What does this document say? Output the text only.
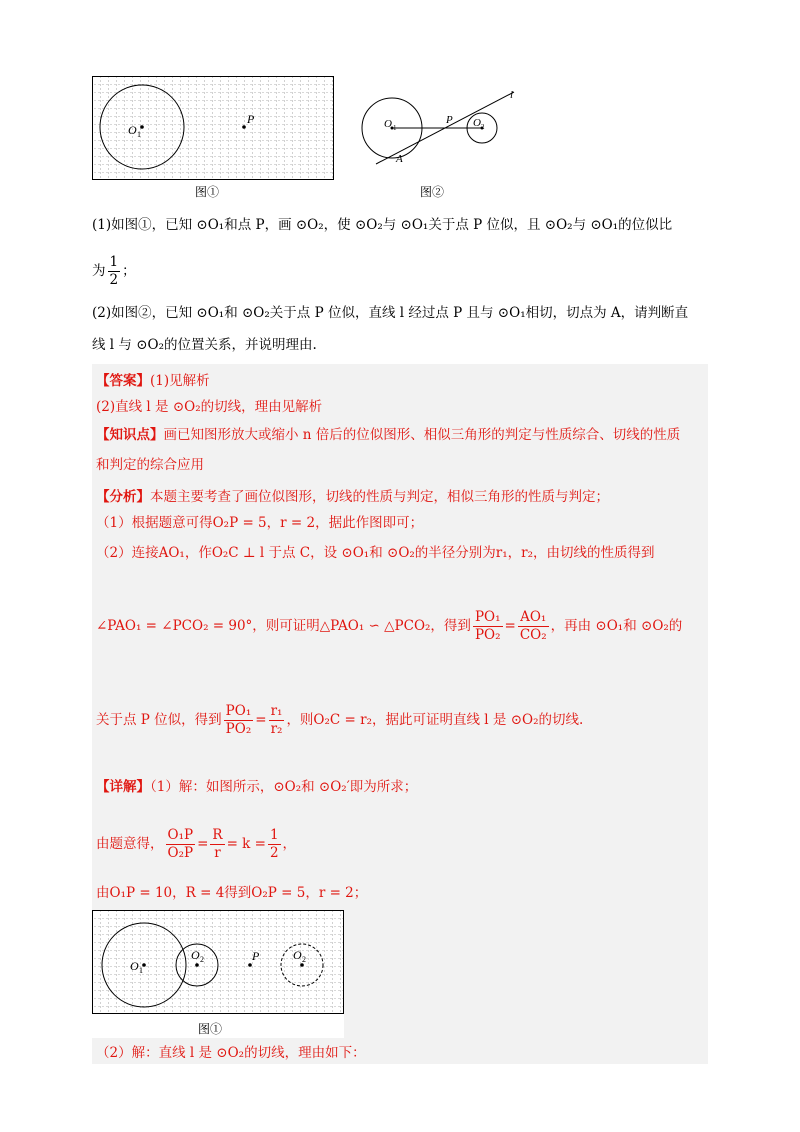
O 1
P
图①
O 1
P O 2
A
l
图②
(1)如图①，已知 ⊙O₁和点 P，画 ⊙O₂，使 ⊙O₂与 ⊙O₁关于点 P 位似，且 ⊙O₂与 ⊙O₁的位似比
为 $\frac{1}{2}$ ；
(2)如图②，已知 ⊙O₁和 ⊙O₂关于点 P 位似，直线 l 经过点 P 且与 ⊙O₁相切，切点为 A，请判断直
线 l 与 ⊙O₂的位置关系，并说明理由.
【答案】(1)见解析
(2)直线 l 是 ⊙O₂的切线，理由见解析
【知识点】画已知图形放大或缩小 n 倍后的位似图形、相似三角形的判定与性质综合、切线的性质
和判定的综合应用
【分析】本题主要考查了画位似图形，切线的性质与判定，相似三角形的性质与判定；
（1）根据题意可得O₂P = 5，r = 2，据此作图即可；
（2）连接AO₁，作O₂C ⊥ l 于点 C，设 ⊙O₁和 ⊙O₂的半径分别为r₁，r₂，由切线的性质得到
∠PAO₁ = ∠PCO₂ = 90°，则可证明△PAO₁ ∽ △PCO₂，得到 $\frac{\text{PO₁}}{\text{PO₂}} = \frac{\text{AO₁}}{\text{CO₂}}$ ，再由 ⊙O₁和 ⊙O₂的
关于点 P 位似，得到 $\frac{\text{PO₁}}{\text{PO₂}} = \frac{\text{r₁}}{\text{r₂}}$ ，则O₂C = r₂，据此可证明直线 l 是 ⊙O₂的切线.
【详解】（1）解：如图所示，⊙O₂和 ⊙O₂′即为所求；
由题意得， $\frac{\text{O₁P}}{\text{O₂P}} = \frac{R}{r} = k = \frac{1}{2}$ ，
由O₁P = 10，R = 4得到O₂P = 5，r = 2；
O 1
O 2	P	O 2
图①
（2）解：直线 l 是 ⊙O₂的切线，理由如下：
